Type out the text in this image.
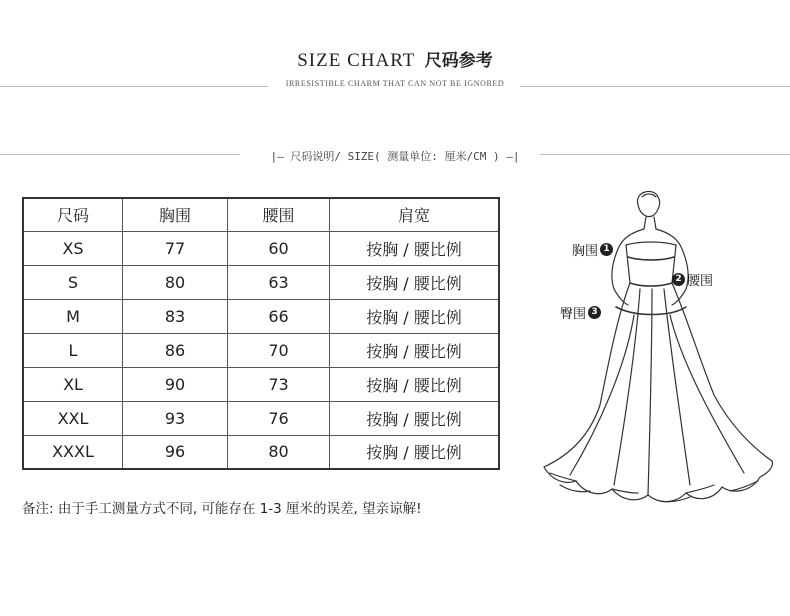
SIZE CHART 尺码参考
IRRESISTIBLE CHARM THAT CAN NOT BE IGNORED
|— 尺码说明/ SIZE( 测量单位: 厘米/CM ) —|
尺码	胸围	腰围	肩宽
XS	77	60	按胸 / 腰比例
S	80	63	按胸 / 腰比例
M	83	66	按胸 / 腰比例
L	86	70	按胸 / 腰比例
XL	90	73	按胸 / 腰比例
XXL	93	76	按胸 / 腰比例
XXXL	96	80	按胸 / 腰比例
备注: 由于手工测量方式不同, 可能存在 1-3 厘米的误差, 望亲谅解!
胸围 1
2 腰围
臀围 3
